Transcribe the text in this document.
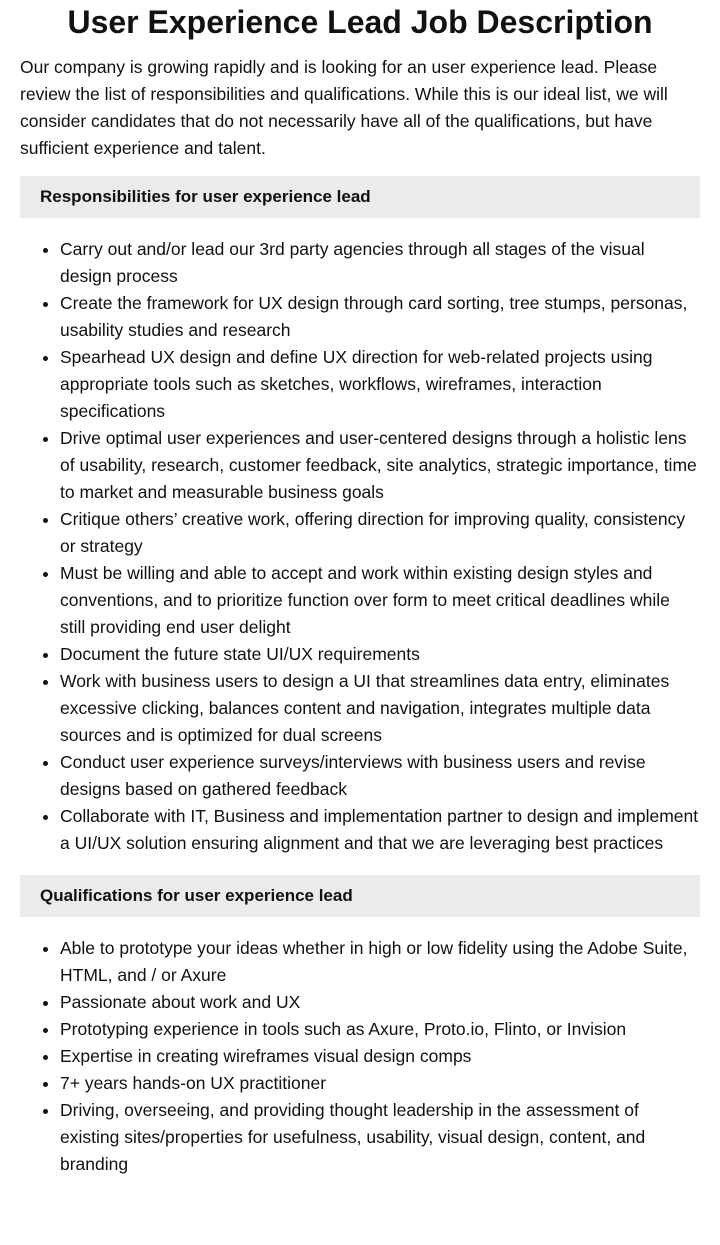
User Experience Lead Job Description

Our company is growing rapidly and is looking for an user experience lead. Please review the list of responsibilities and qualifications. While this is our ideal list, we will consider candidates that do not necessarily have all of the qualifications, but have sufficient experience and talent.

Responsibilities for user experience lead
• Carry out and/or lead our 3rd party agencies through all stages of the visual design process
• Create the framework for UX design through card sorting, tree stumps, personas, usability studies and research
• Spearhead UX design and define UX direction for web-related projects using appropriate tools such as sketches, workflows, wireframes, interaction specifications
• Drive optimal user experiences and user-centered designs through a holistic lens of usability, research, customer feedback, site analytics, strategic importance, time to market and measurable business goals
• Critique others’ creative work, offering direction for improving quality, consistency or strategy
• Must be willing and able to accept and work within existing design styles and conventions, and to prioritize function over form to meet critical deadlines while still providing end user delight
• Document the future state UI/UX requirements
• Work with business users to design a UI that streamlines data entry, eliminates excessive clicking, balances content and navigation, integrates multiple data sources and is optimized for dual screens
• Conduct user experience surveys/interviews with business users and revise designs based on gathered feedback
• Collaborate with IT, Business and implementation partner to design and implement a UI/UX solution ensuring alignment and that we are leveraging best practices
Qualifications for user experience lead
• Able to prototype your ideas whether in high or low fidelity using the Adobe Suite, HTML, and / or Axure
• Passionate about work and UX
• Prototyping experience in tools such as Axure, Proto.io, Flinto, or Invision
• Expertise in creating wireframes visual design comps
• 7+ years hands-on UX practitioner
• Driving, overseeing, and providing thought leadership in the assessment of existing sites/properties for usefulness, usability, visual design, content, and branding
